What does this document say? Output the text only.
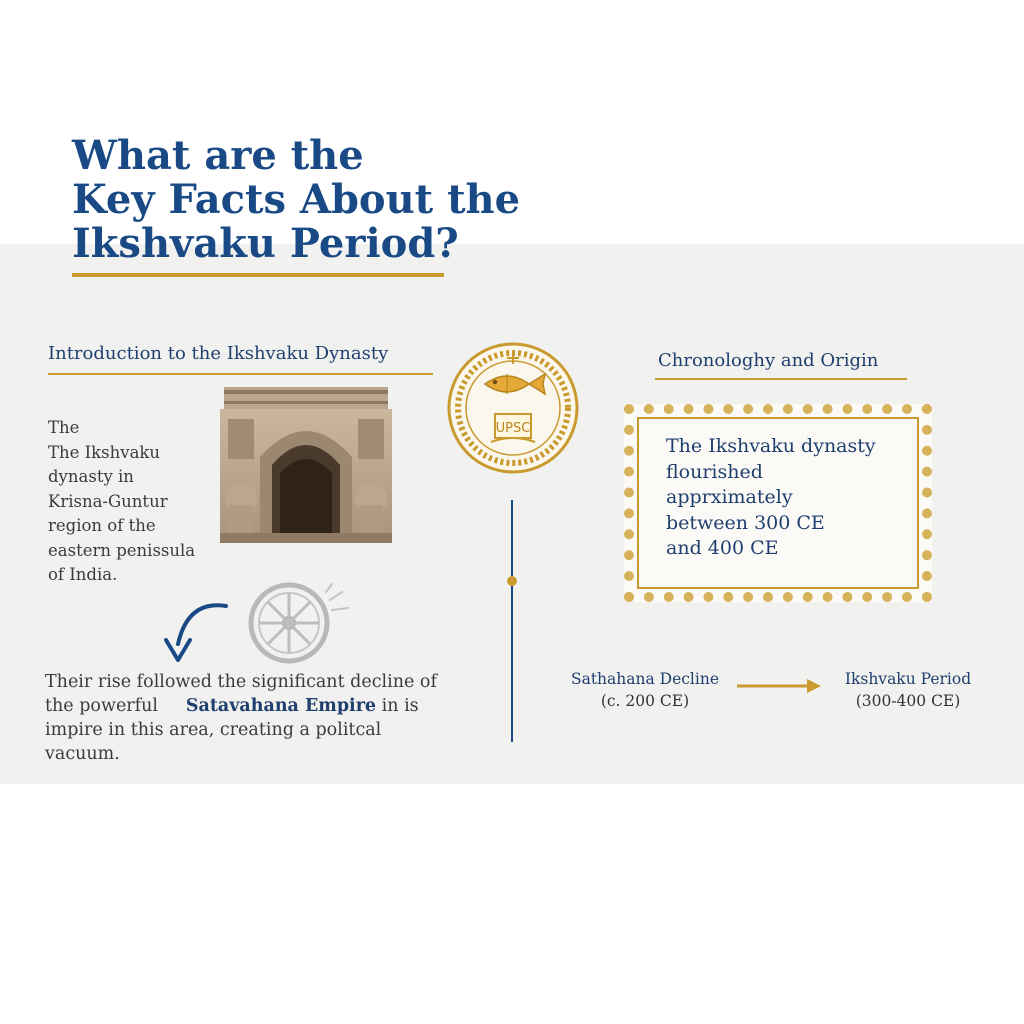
What are the
Key Facts About the
Ikshvaku Period?
Introduction to the Ikshvaku Dynasty
The
The Ikshvaku
dynasty in
Krisna-Guntur
region of the
eastern penissula
of India.
Their rise followed the significant decline of
the powerful Satavahana Empire in is
impire in this area, creating a politcal
vacuum.
UPSC
Chronologhy and Origin
The Ikshvaku dynasty
flourished
apprximately
between 300 CE
and 400 CE
Sathahana Decline
(c. 200 CE)
Ikshvaku Period
(300-400 CE)
